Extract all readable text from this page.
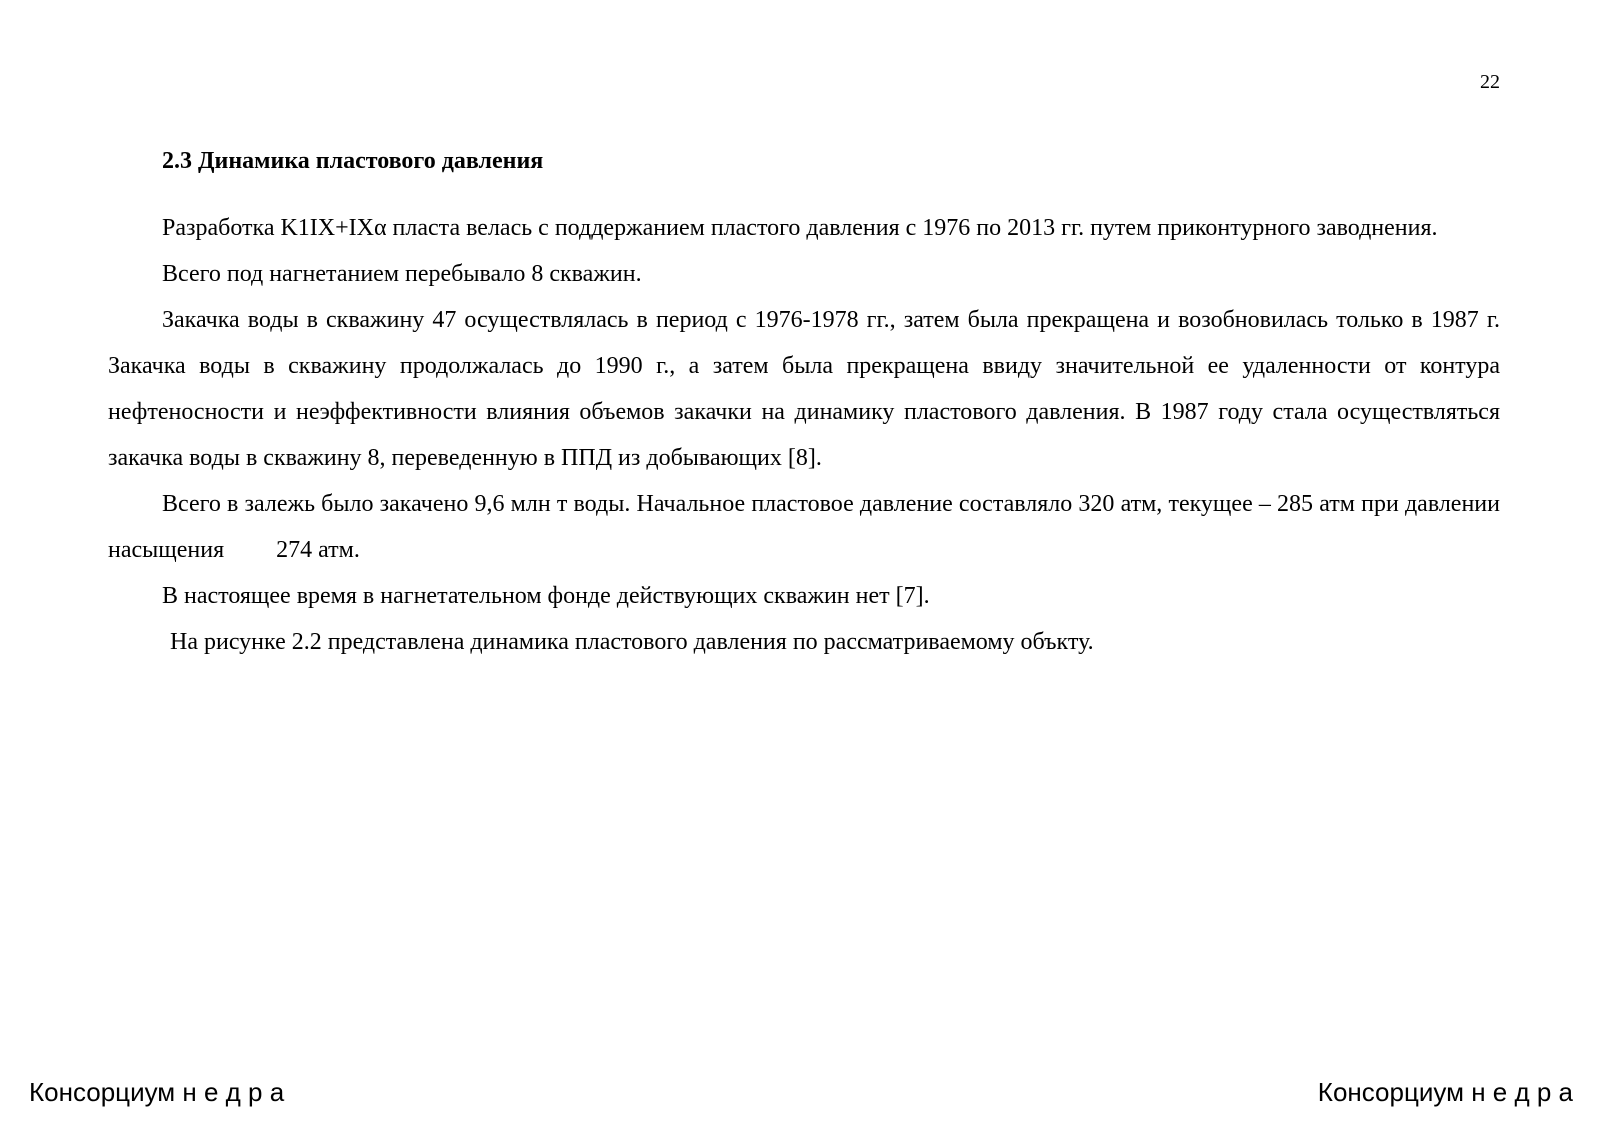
22
2.3 Динамика пластового давления

Разработка K1IX+IXα пласта велась с поддержанием пластого давления с 1976 по 2013 гг. путем приконтурного заводнения.

Всего под нагнетанием перебывало 8 скважин.

Закачка воды в скважину 47 осуществлялась в период с 1976-1978 гг., затем была прекращена и возобновилась только в 1987 г. Закачка воды в скважину продолжалась до 1990 г., а затем была прекращена ввиду значительной ее удаленности от контура нефтеносности и неэффективности влияния объемов закачки на динамику пластового давления. В 1987 году стала осуществляться закачка воды в скважину 8, переведенную в ППД из добывающих [8].

Всего в залежь было закачено 9,6 млн т воды. Начальное пластовое давление составляло 320 атм, текущее – 285 атм при давлении насыщения 274 атм.

В настоящее время в нагнетательном фонде действующих скважин нет [7].

На рисунке 2.2 представлена динамика пластового давления по рассматриваемому объкту.

Консорциум н е д р а	Консорциум н е д р а
